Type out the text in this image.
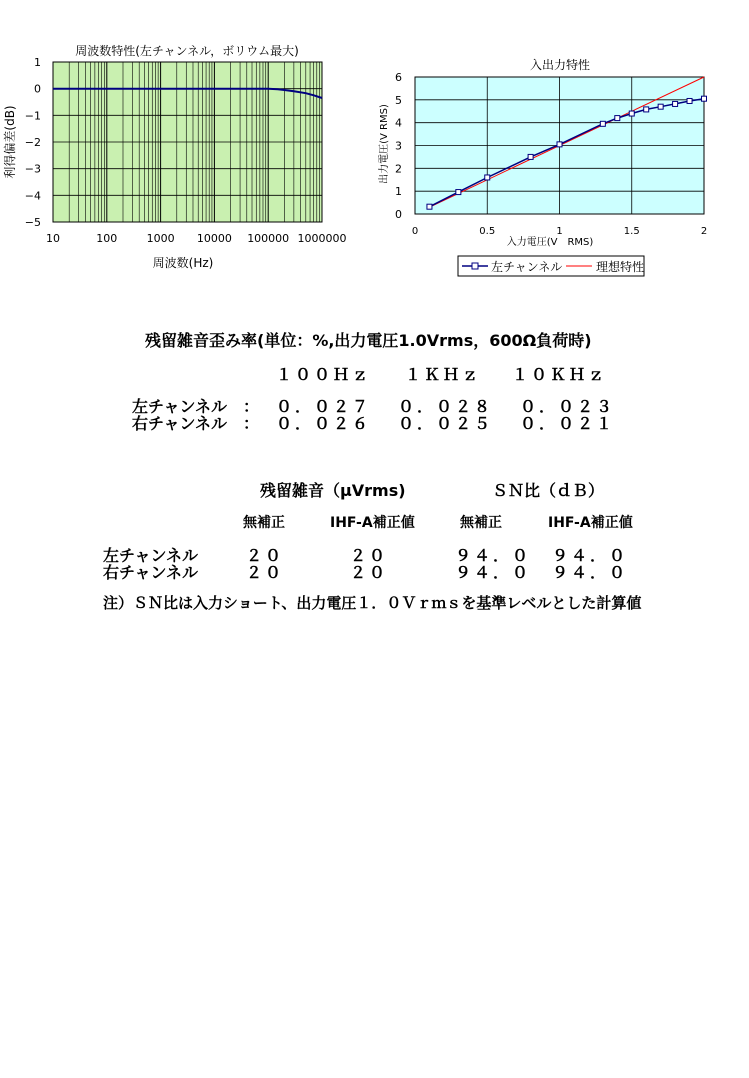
周波数特性(左チャンネル，ボリウム最大)
1
0
−1
−2
−3
−4
−5
10	100	1000 10000 100000 1000000
周波数(Hz)
利得偏差(dB)
入出力特性
6
5
4
3
2
1
0
0	0.5	1	1.5	2
入力電圧(V　RMS)
出力電圧(V RMS)
左チャンネル	理想特性
残留雑音歪み率(単位：%,出力電圧1.0Vrms，600Ω負荷時)
１００Ｈｚ １ＫＨｚ １０ＫＨｚ
左チャンネル ： ０．０２７ ０．０２８ ０．０２３
右チャンネル ： ０．０２６ ０．０２５ ０．０２１
残留雑音（μVrms)	ＳＮ比（ｄＢ）
無補正	IHF-A補正値	無補正	IHF-A補正値
左チャンネル	２０	２０	９４．０ ９４．０
右チャンネル	２０	２０	９４．０ ９４．０
注）ＳＮ比は入力ショート、出力電圧１．０Ｖｒｍｓを基準レベルとした計算値
